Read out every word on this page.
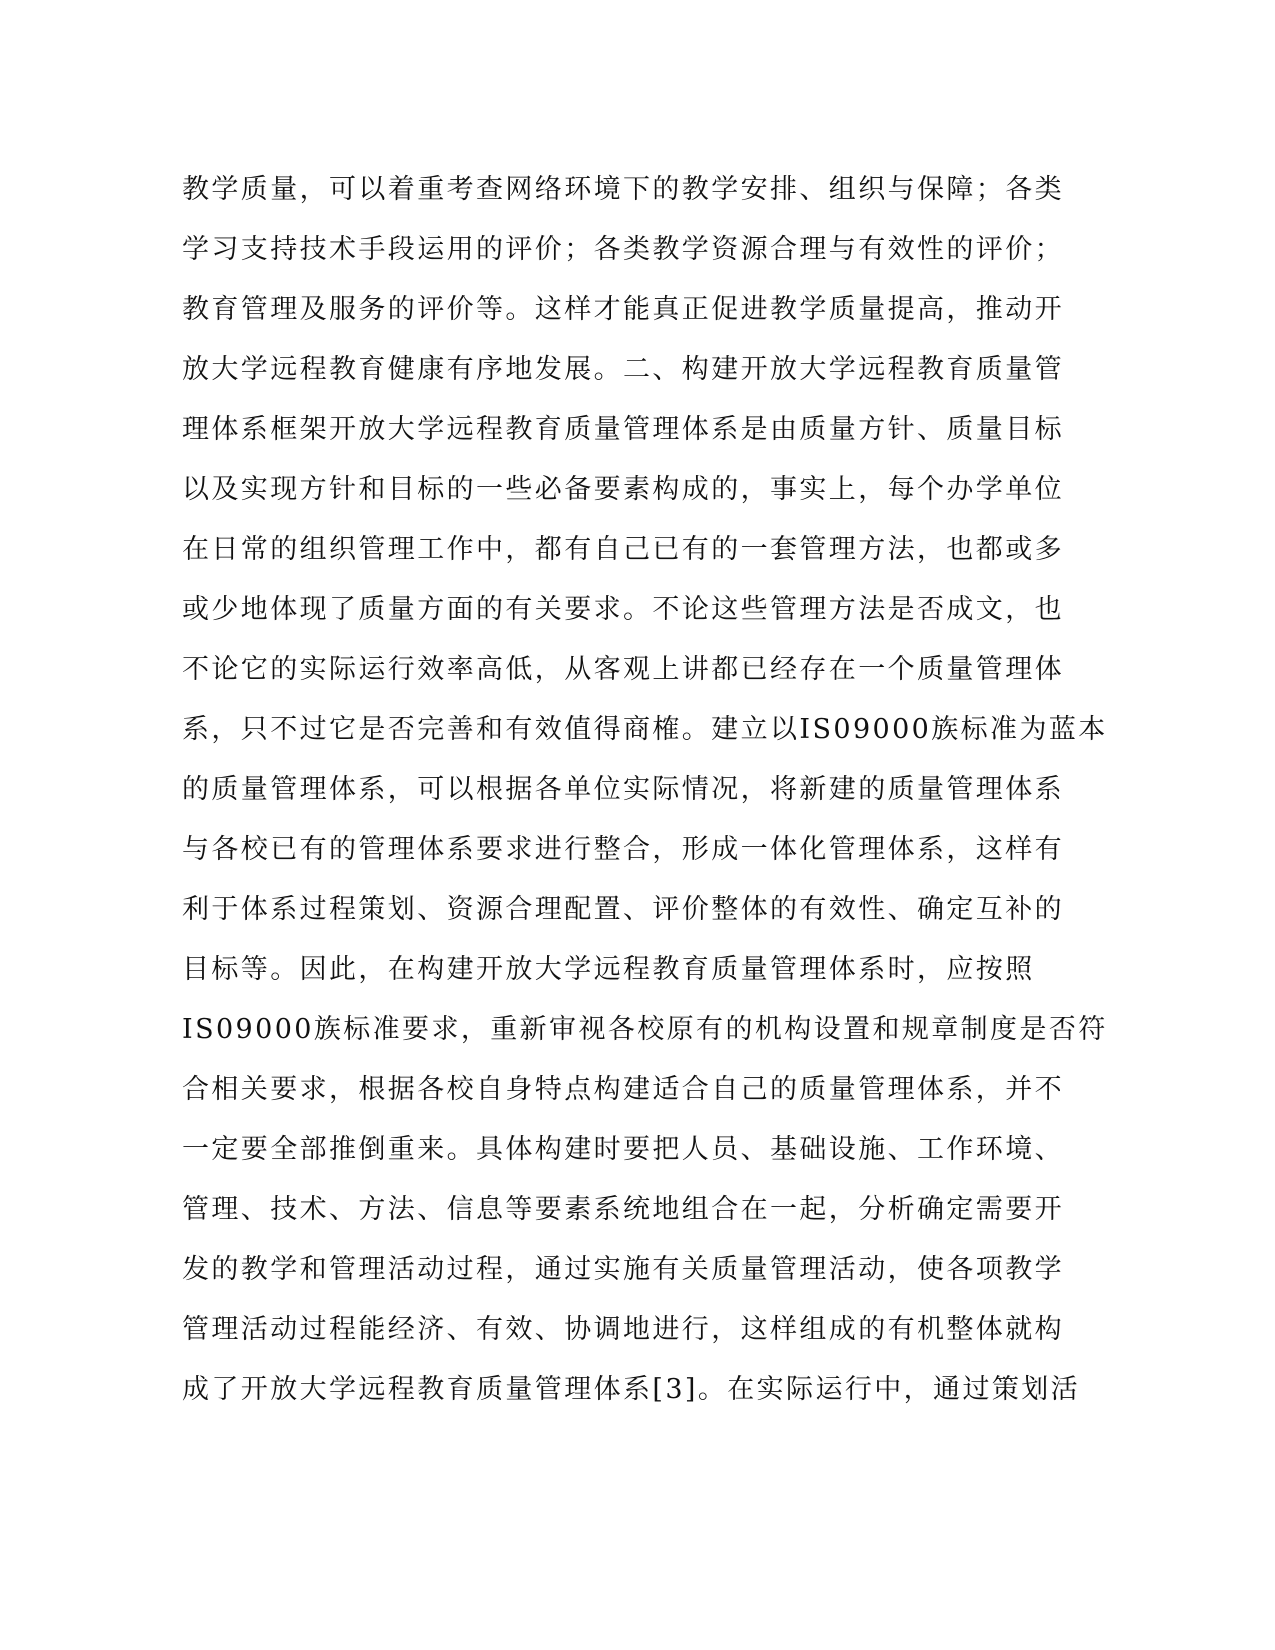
教学质量，可以着重考查网络环境下的教学安排、组织与保障；各类
学习支持技术手段运用的评价；各类教学资源合理与有效性的评价；
教育管理及服务的评价等。这样才能真正促进教学质量提高，推动开
放大学远程教育健康有序地发展。二、构建开放大学远程教育质量管
理体系框架开放大学远程教育质量管理体系是由质量方针、质量目标
以及实现方针和目标的一些必备要素构成的，事实上，每个办学单位
在日常的组织管理工作中，都有自己已有的一套管理方法，也都或多
或少地体现了质量方面的有关要求。不论这些管理方法是否成文，也
不论它的实际运行效率高低，从客观上讲都已经存在一个质量管理体
系，只不过它是否完善和有效值得商榷。建立以IS09000族标准为蓝本
的质量管理体系，可以根据各单位实际情况，将新建的质量管理体系
与各校已有的管理体系要求进行整合，形成一体化管理体系，这样有
利于体系过程策划、资源合理配置、评价整体的有效性、确定互补的
目标等。因此，在构建开放大学远程教育质量管理体系时，应按照
IS09000族标准要求，重新审视各校原有的机构设置和规章制度是否符
合相关要求，根据各校自身特点构建适合自己的质量管理体系，并不
一定要全部推倒重来。具体构建时要把人员、基础设施、工作环境、
管理、技术、方法、信息等要素系统地组合在一起，分析确定需要开
发的教学和管理活动过程，通过实施有关质量管理活动，使各项教学
管理活动过程能经济、有效、协调地进行，这样组成的有机整体就构
成了开放大学远程教育质量管理体系[3]。在实际运行中，通过策划活
